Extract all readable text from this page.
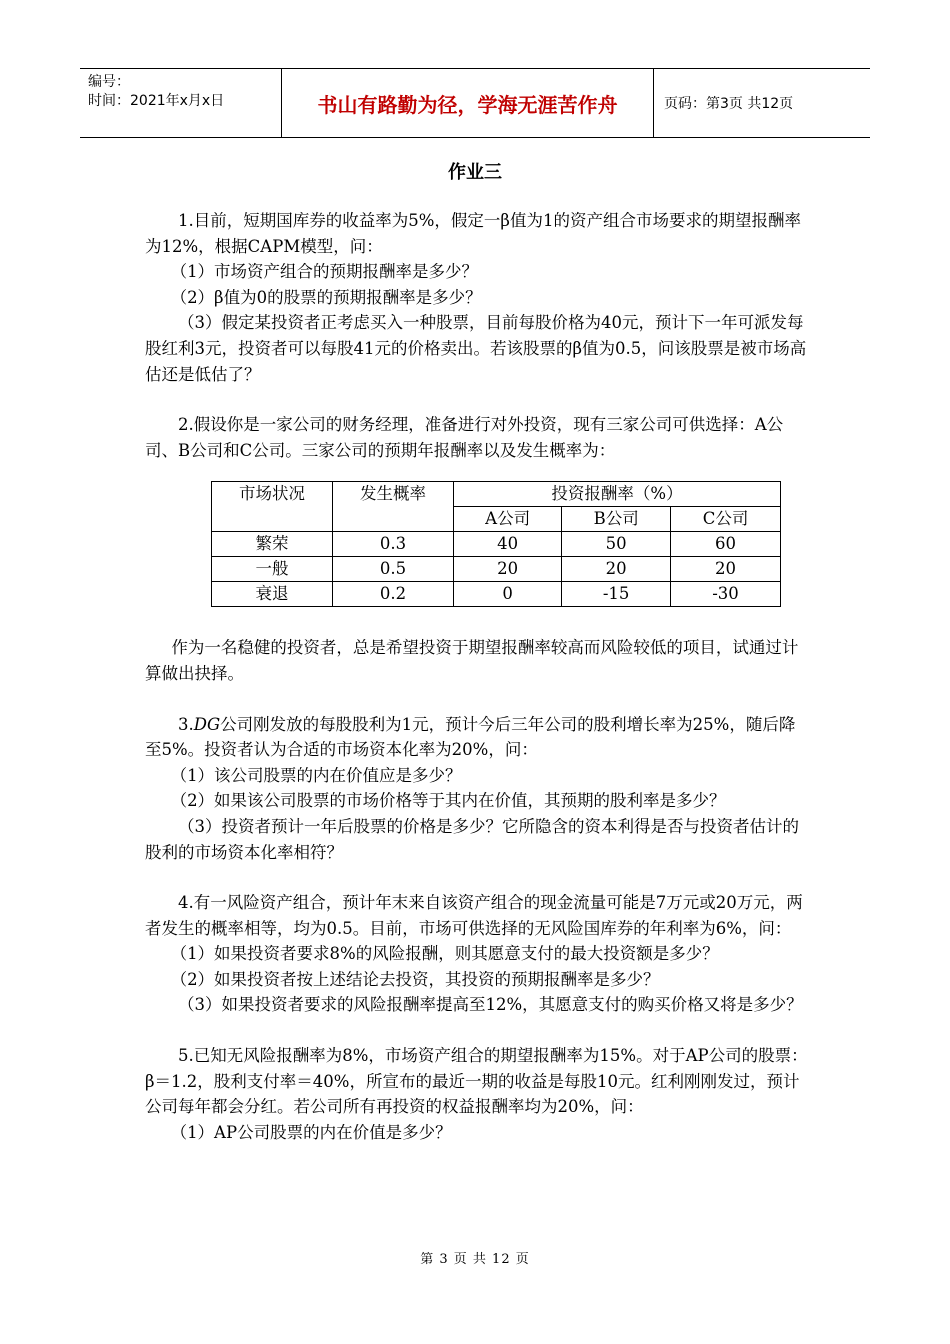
编号：
时间：2021年x月x日	书山有路勤为径，学海无涯苦作舟	页码：第3页 共12页
作业三

1.目前，短期国库券的收益率为5%，假定一β值为1的资产组合市场要求的期望报酬率为12%，根据CAPM模型，问：

（1）市场资产组合的预期报酬率是多少？

（2）β值为0的股票的预期报酬率是多少？

（3）假定某投资者正考虑买入一种股票，目前每股价格为40元，预计下一年可派发每股红利3元，投资者可以每股41元的价格卖出。若该股票的β值为0.5，问该股票是被市场高估还是低估了？

2.假设你是一家公司的财务经理，准备进行对外投资，现有三家公司可供选择：A公司、B公司和C公司。三家公司的预期年报酬率以及发生概率为：

市场状况	发生概率	投资报酬率（%）		
		A公司	B公司	C公司
繁荣	0.3	40	50	60
一般	0.5	20	20	20
衰退	0.2	0	-15	-30

作为一名稳健的投资者，总是希望投资于期望报酬率较高而风险较低的项目，试通过计算做出抉择。

3.DG公司刚发放的每股股利为1元，预计今后三年公司的股利增长率为25%，随后降至5%。投资者认为合适的市场资本化率为20%，问：

（1）该公司股票的内在价值应是多少？

（2）如果该公司股票的市场价格等于其内在价值，其预期的股利率是多少？

（3）投资者预计一年后股票的价格是多少？它所隐含的资本利得是否与投资者估计的股利的市场资本化率相符？

4.有一风险资产组合，预计年末来自该资产组合的现金流量可能是7万元或20万元，两者发生的概率相等，均为0.5。目前，市场可供选择的无风险国库券的年利率为6%，问：

（1）如果投资者要求8%的风险报酬，则其愿意支付的最大投资额是多少？

（2）如果投资者按上述结论去投资，其投资的预期报酬率是多少？

（3）如果投资者要求的风险报酬率提高至12%，其愿意支付的购买价格又将是多少？

5.已知无风险报酬率为8%，市场资产组合的期望报酬率为15%。对于AP公司的股票：β＝1.2，股利支付率＝40%，所宣布的最近一期的收益是每股10元。红利刚刚发过，预计公司每年都会分红。若公司所有再投资的权益报酬率均为20%，问：

（1）AP公司股票的内在价值是多少？

第 3 页 共 12 页
